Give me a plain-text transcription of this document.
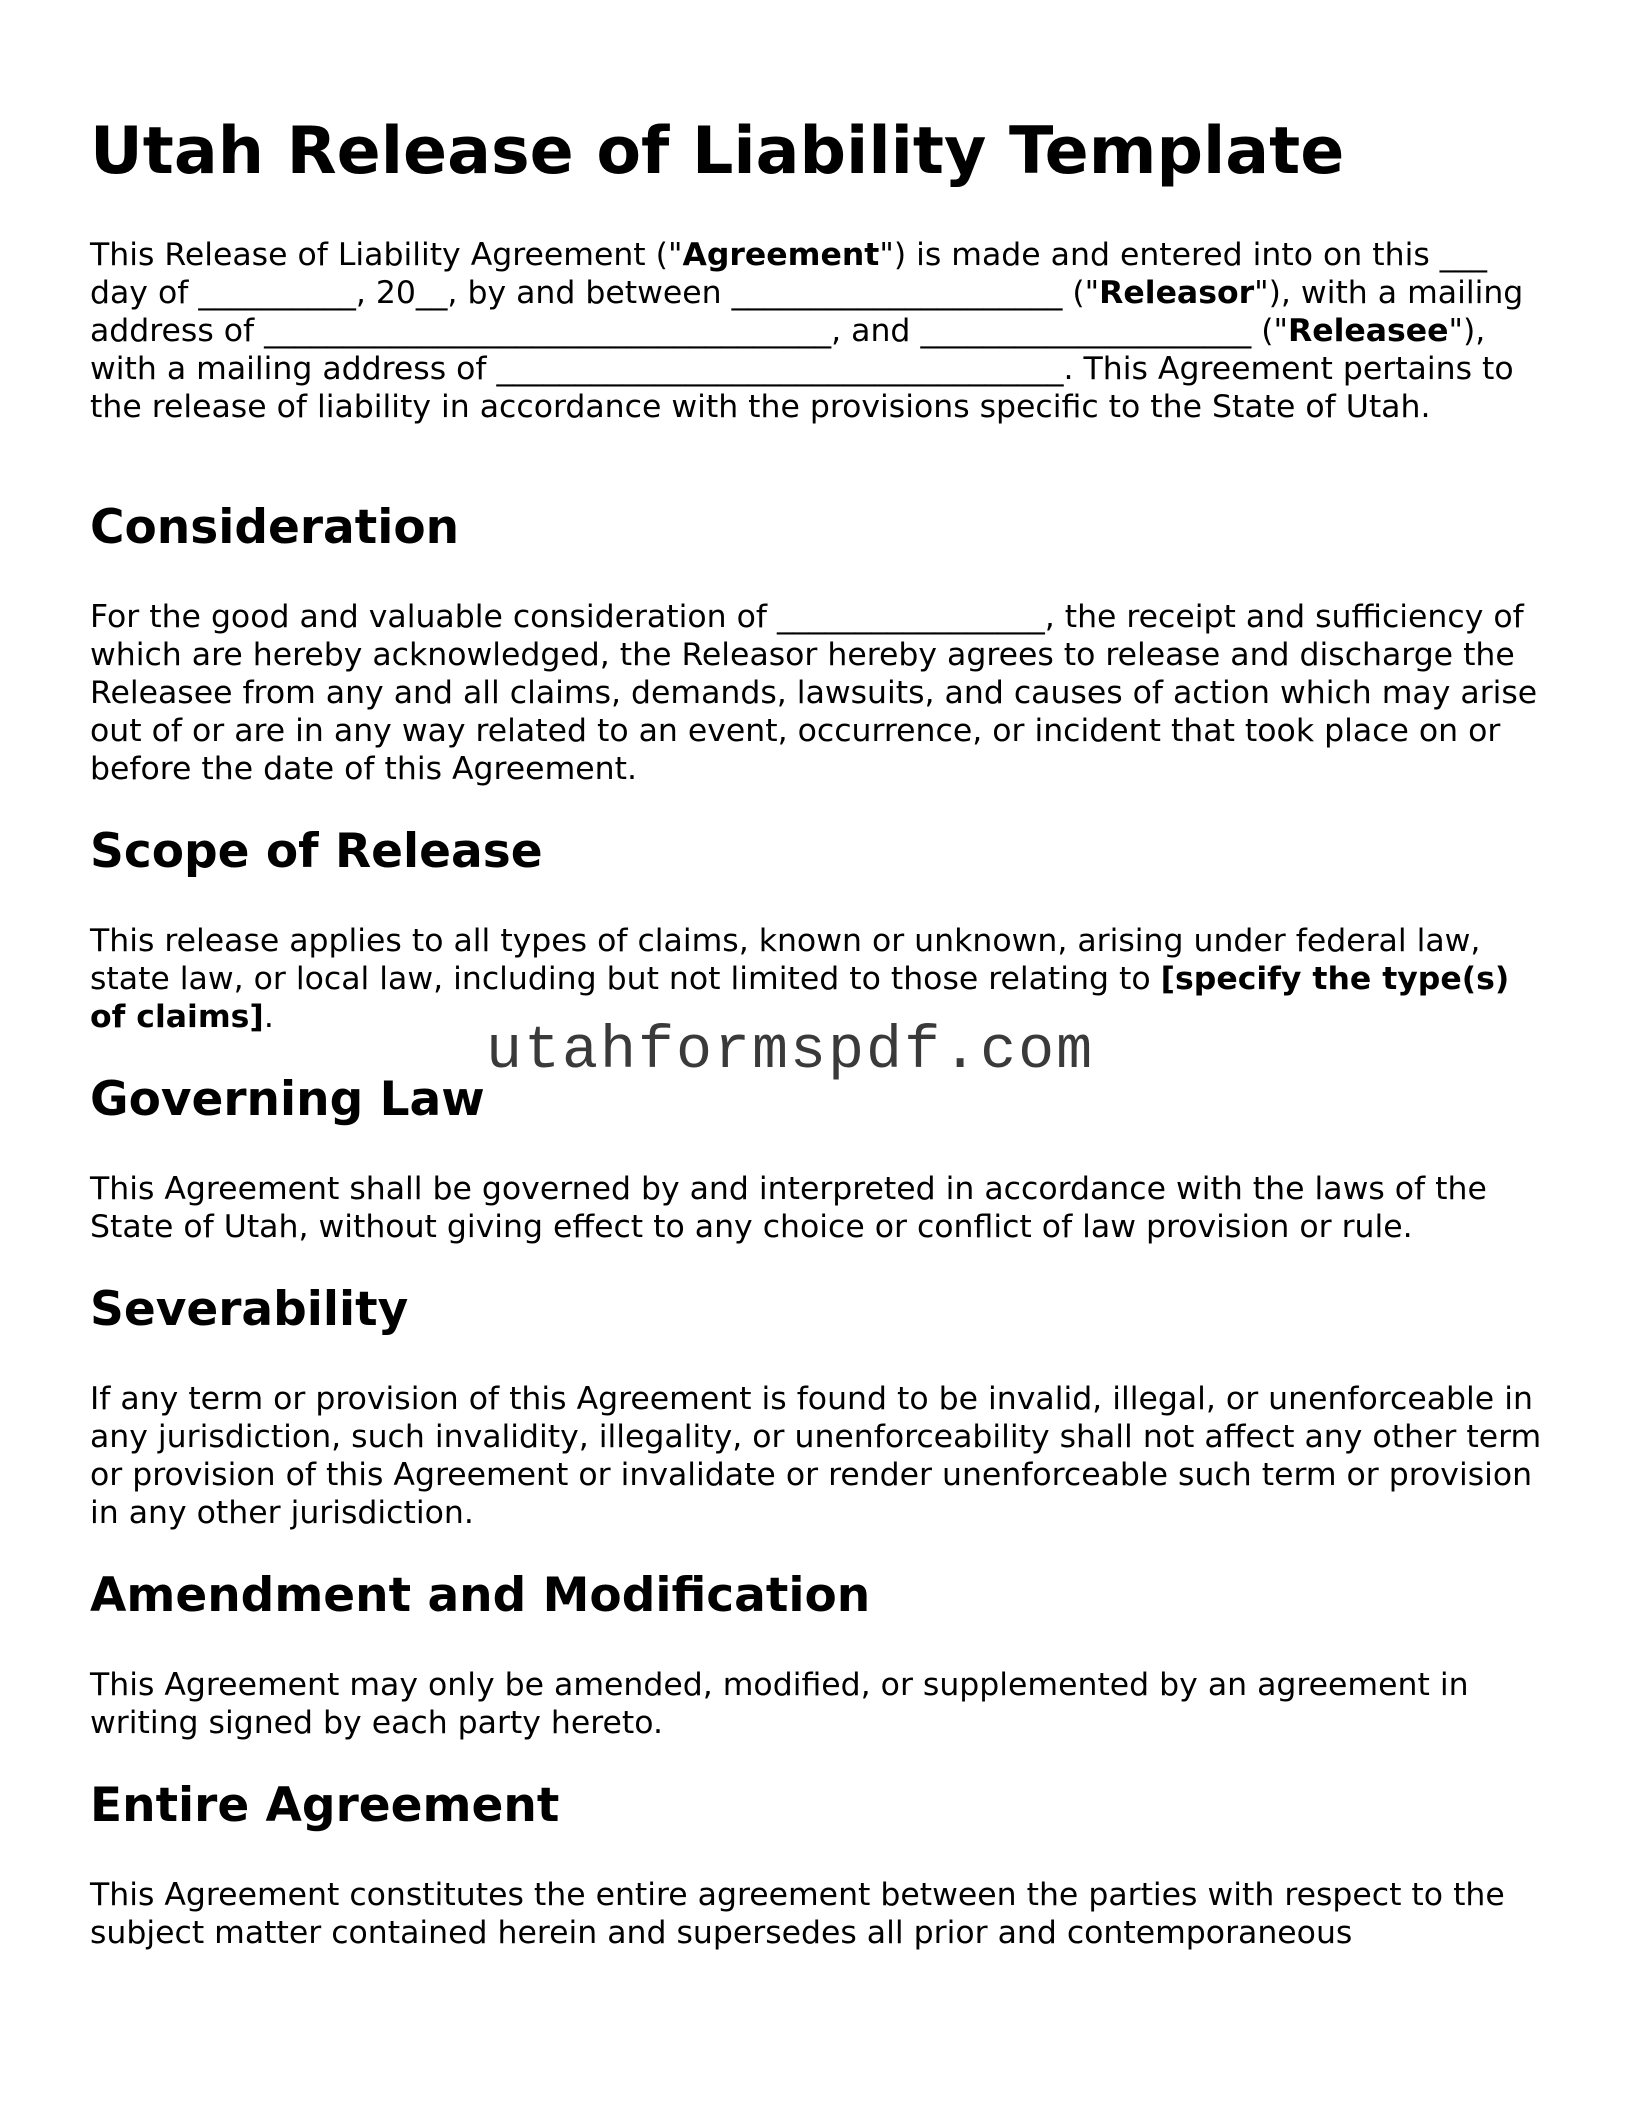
Utah Release of Liability Template

This Release of Liability Agreement ("Agreement") is made and entered into on this ___ day of __________, 20__, by and between _____________________ ("Releasor"), with a mailing address of ____________________________________, and _____________________ ("Releasee"), with a mailing address of ____________________________________. This Agreement pertains to the release of liability in accordance with the provisions specific to the State of Utah.

Consideration

For the good and valuable consideration of _________________, the receipt and sufficiency of which are hereby acknowledged, the Releasor hereby agrees to release and discharge the Releasee from any and all claims, demands, lawsuits, and causes of action which may arise out of or are in any way related to an event, occurrence, or incident that took place on or before the date of this Agreement.

Scope of Release

This release applies to all types of claims, known or unknown, arising under federal law, state law, or local law, including but not limited to those relating to [specify the type(s) of claims].

Governing Law

This Agreement shall be governed by and interpreted in accordance with the laws of the State of Utah, without giving effect to any choice or conflict of law provision or rule.

Severability

If any term or provision of this Agreement is found to be invalid, illegal, or unenforceable in any jurisdiction, such invalidity, illegality, or unenforceability shall not affect any other term or provision of this Agreement or invalidate or render unenforceable such term or provision in any other jurisdiction.

Amendment and Modification

This Agreement may only be amended, modified, or supplemented by an agreement in writing signed by each party hereto.

Entire Agreement

This Agreement constitutes the entire agreement between the parties with respect to the subject matter contained herein and supersedes all prior and contemporaneous

utahformspdf.com
